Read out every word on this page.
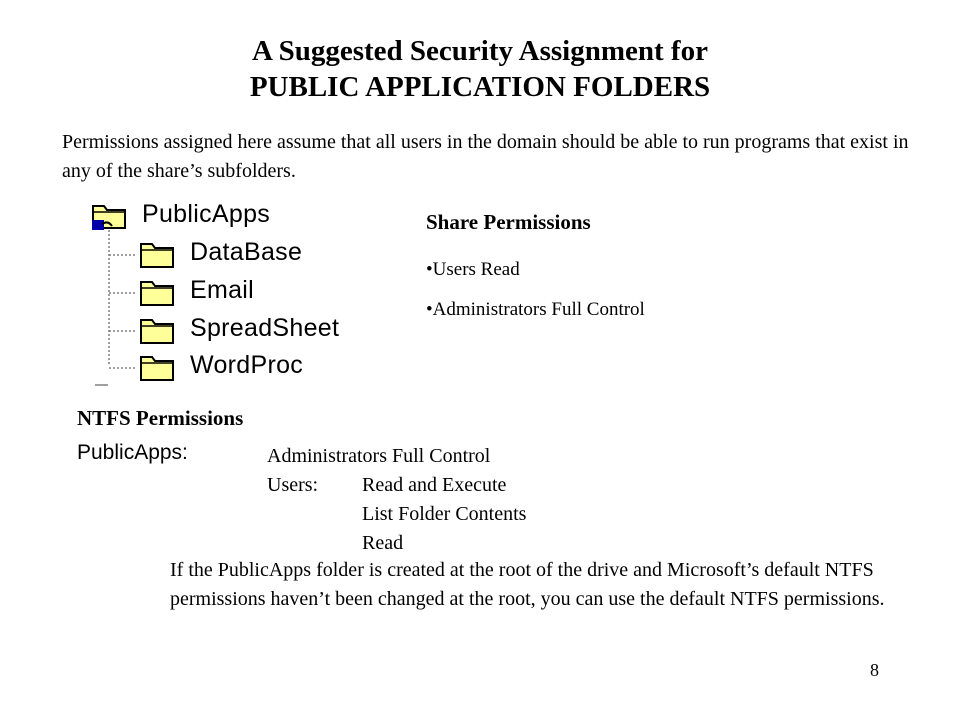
A Suggested Security Assignment for
PUBLIC APPLICATION FOLDERS
Permissions assigned here assume that all users in the domain should be able to run programs that exist in any of the share’s subfolders.
PublicApps
DataBase
Email
SpreadSheet
WordProc
Share Permissions
•Users Read
•Administrators Full Control
NTFS Permissions
PublicApps:	Administrators Full Control
Users: Read and Execute
List Folder Contents
Read
If the PublicApps folder is created at the root of the drive and Microsoft’s default NTFS permissions haven’t been changed at the root, you can use the default NTFS permissions.
8
